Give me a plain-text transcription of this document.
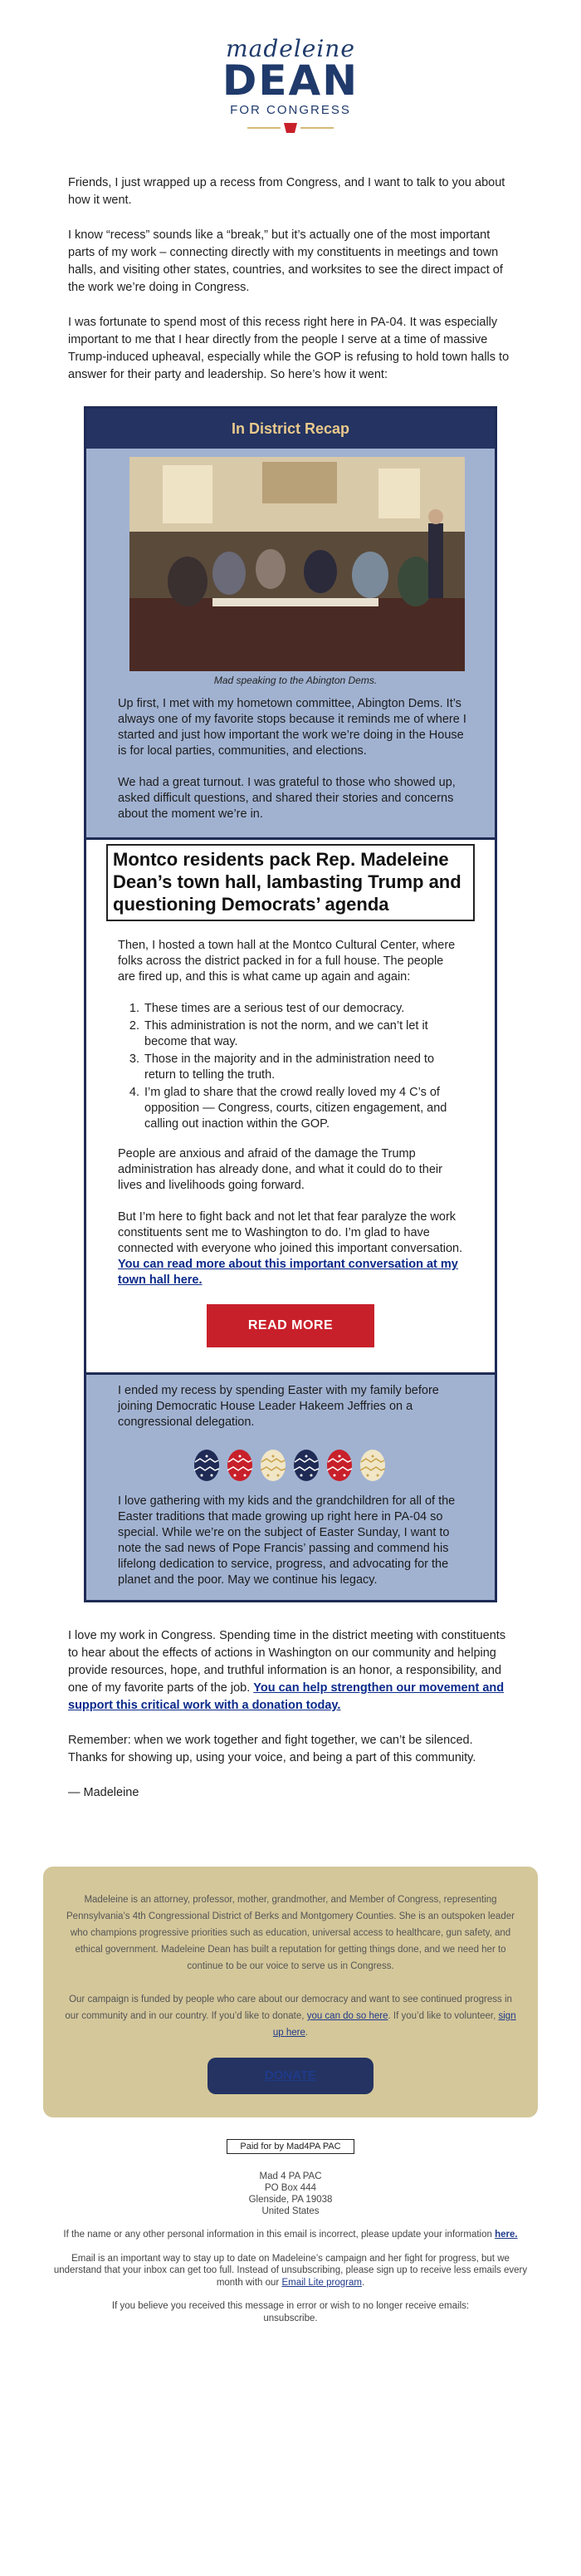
madeleine
DEAN
FOR CONGRESS

Friends, I just wrapped up a recess from Congress, and I want to talk to you about how it went.

I know “recess” sounds like a “break,” but it’s actually one of the most important parts of my work – connecting directly with my constituents in meetings and town halls, and visiting other states, countries, and worksites to see the direct impact of the work we’re doing in Congress.

I was fortunate to spend most of this recess right here in PA-04. It was especially important to me that I hear directly from the people I serve at a time of massive Trump-induced upheaval, especially while the GOP is refusing to hold town halls to answer for their party and leadership. So here’s how it went:

In District Recap
Mad speaking to the Abington Dems.

Up first, I met with my hometown committee, Abington Dems. It’s always one of my favorite stops because it reminds me of where I started and just how important the work we’re doing in the House is for local parties, communities, and elections.

We had a great turnout. I was grateful to those who showed up, asked difficult questions, and shared their stories and concerns about the moment we’re in.

Montco residents pack Rep. Madeleine Dean’s town hall, lambasting Trump and questioning Democrats’ agenda

Then, I hosted a town hall at the Montco Cultural Center, where folks across the district packed in for a full house. The people are fired up, and this is what came up again and again:

1. These times are a serious test of our democracy.
2. This administration is not the norm, and we can’t let it become that way.
3. Those in the majority and in the administration need to return to telling the truth.
4. I’m glad to share that the crowd really loved my 4 C’s of opposition — Congress, courts, citizen engagement, and calling out inaction within the GOP.

People are anxious and afraid of the damage the Trump administration has already done, and what it could do to their lives and livelihoods going forward.

But I’m here to fight back and not let that fear paralyze the work constituents sent me to Washington to do. I’m glad to have connected with everyone who joined this important conversation. You can read more about this important conversation at my town hall here.

READ MORE

I ended my recess by spending Easter with my family before joining Democratic House Leader Hakeem Jeffries on a congressional delegation.

I love gathering with my kids and the grandchildren for all of the Easter traditions that made growing up right here in PA-04 so special. While we’re on the subject of Easter Sunday, I want to note the sad news of Pope Francis’ passing and commend his lifelong dedication to service, progress, and advocating for the planet and the poor. May we continue his legacy.

I love my work in Congress. Spending time in the district meeting with constituents to hear about the effects of actions in Washington on our community and helping provide resources, hope, and truthful information is an honor, a responsibility, and one of my favorite parts of the job. You can help strengthen our movement and support this critical work with a donation today.

Remember: when we work together and fight together, we can’t be silenced. Thanks for showing up, using your voice, and being a part of this community.

— Madeleine

Madeleine is an attorney, professor, mother, grandmother, and Member of Congress, representing Pennsylvania’s 4th Congressional District of Berks and Montgomery Counties. She is an outspoken leader who champions progressive priorities such as education, universal access to healthcare, gun safety, and ethical government. Madeleine Dean has built a reputation for getting things done, and we need her to continue to be our voice to serve us in Congress.

Our campaign is funded by people who care about our democracy and want to see continued progress in our community and in our country. If you’d like to donate, you can do so here. If you’d like to volunteer, sign up here.

DONATE
Paid for by Mad4PA PAC
Mad 4 PA PAC
PO Box 444
Glenside, PA 19038
United States
If the name or any other personal information in this email is incorrect, please update your information here.
Email is an important way to stay up to date on Madeleine’s campaign and her fight for progress, but we understand that your inbox can get too full. Instead of unsubscribing, please sign up to receive less emails every month with our Email Lite program.
If you believe you received this message in error or wish to no longer receive emails:
unsubscribe.
